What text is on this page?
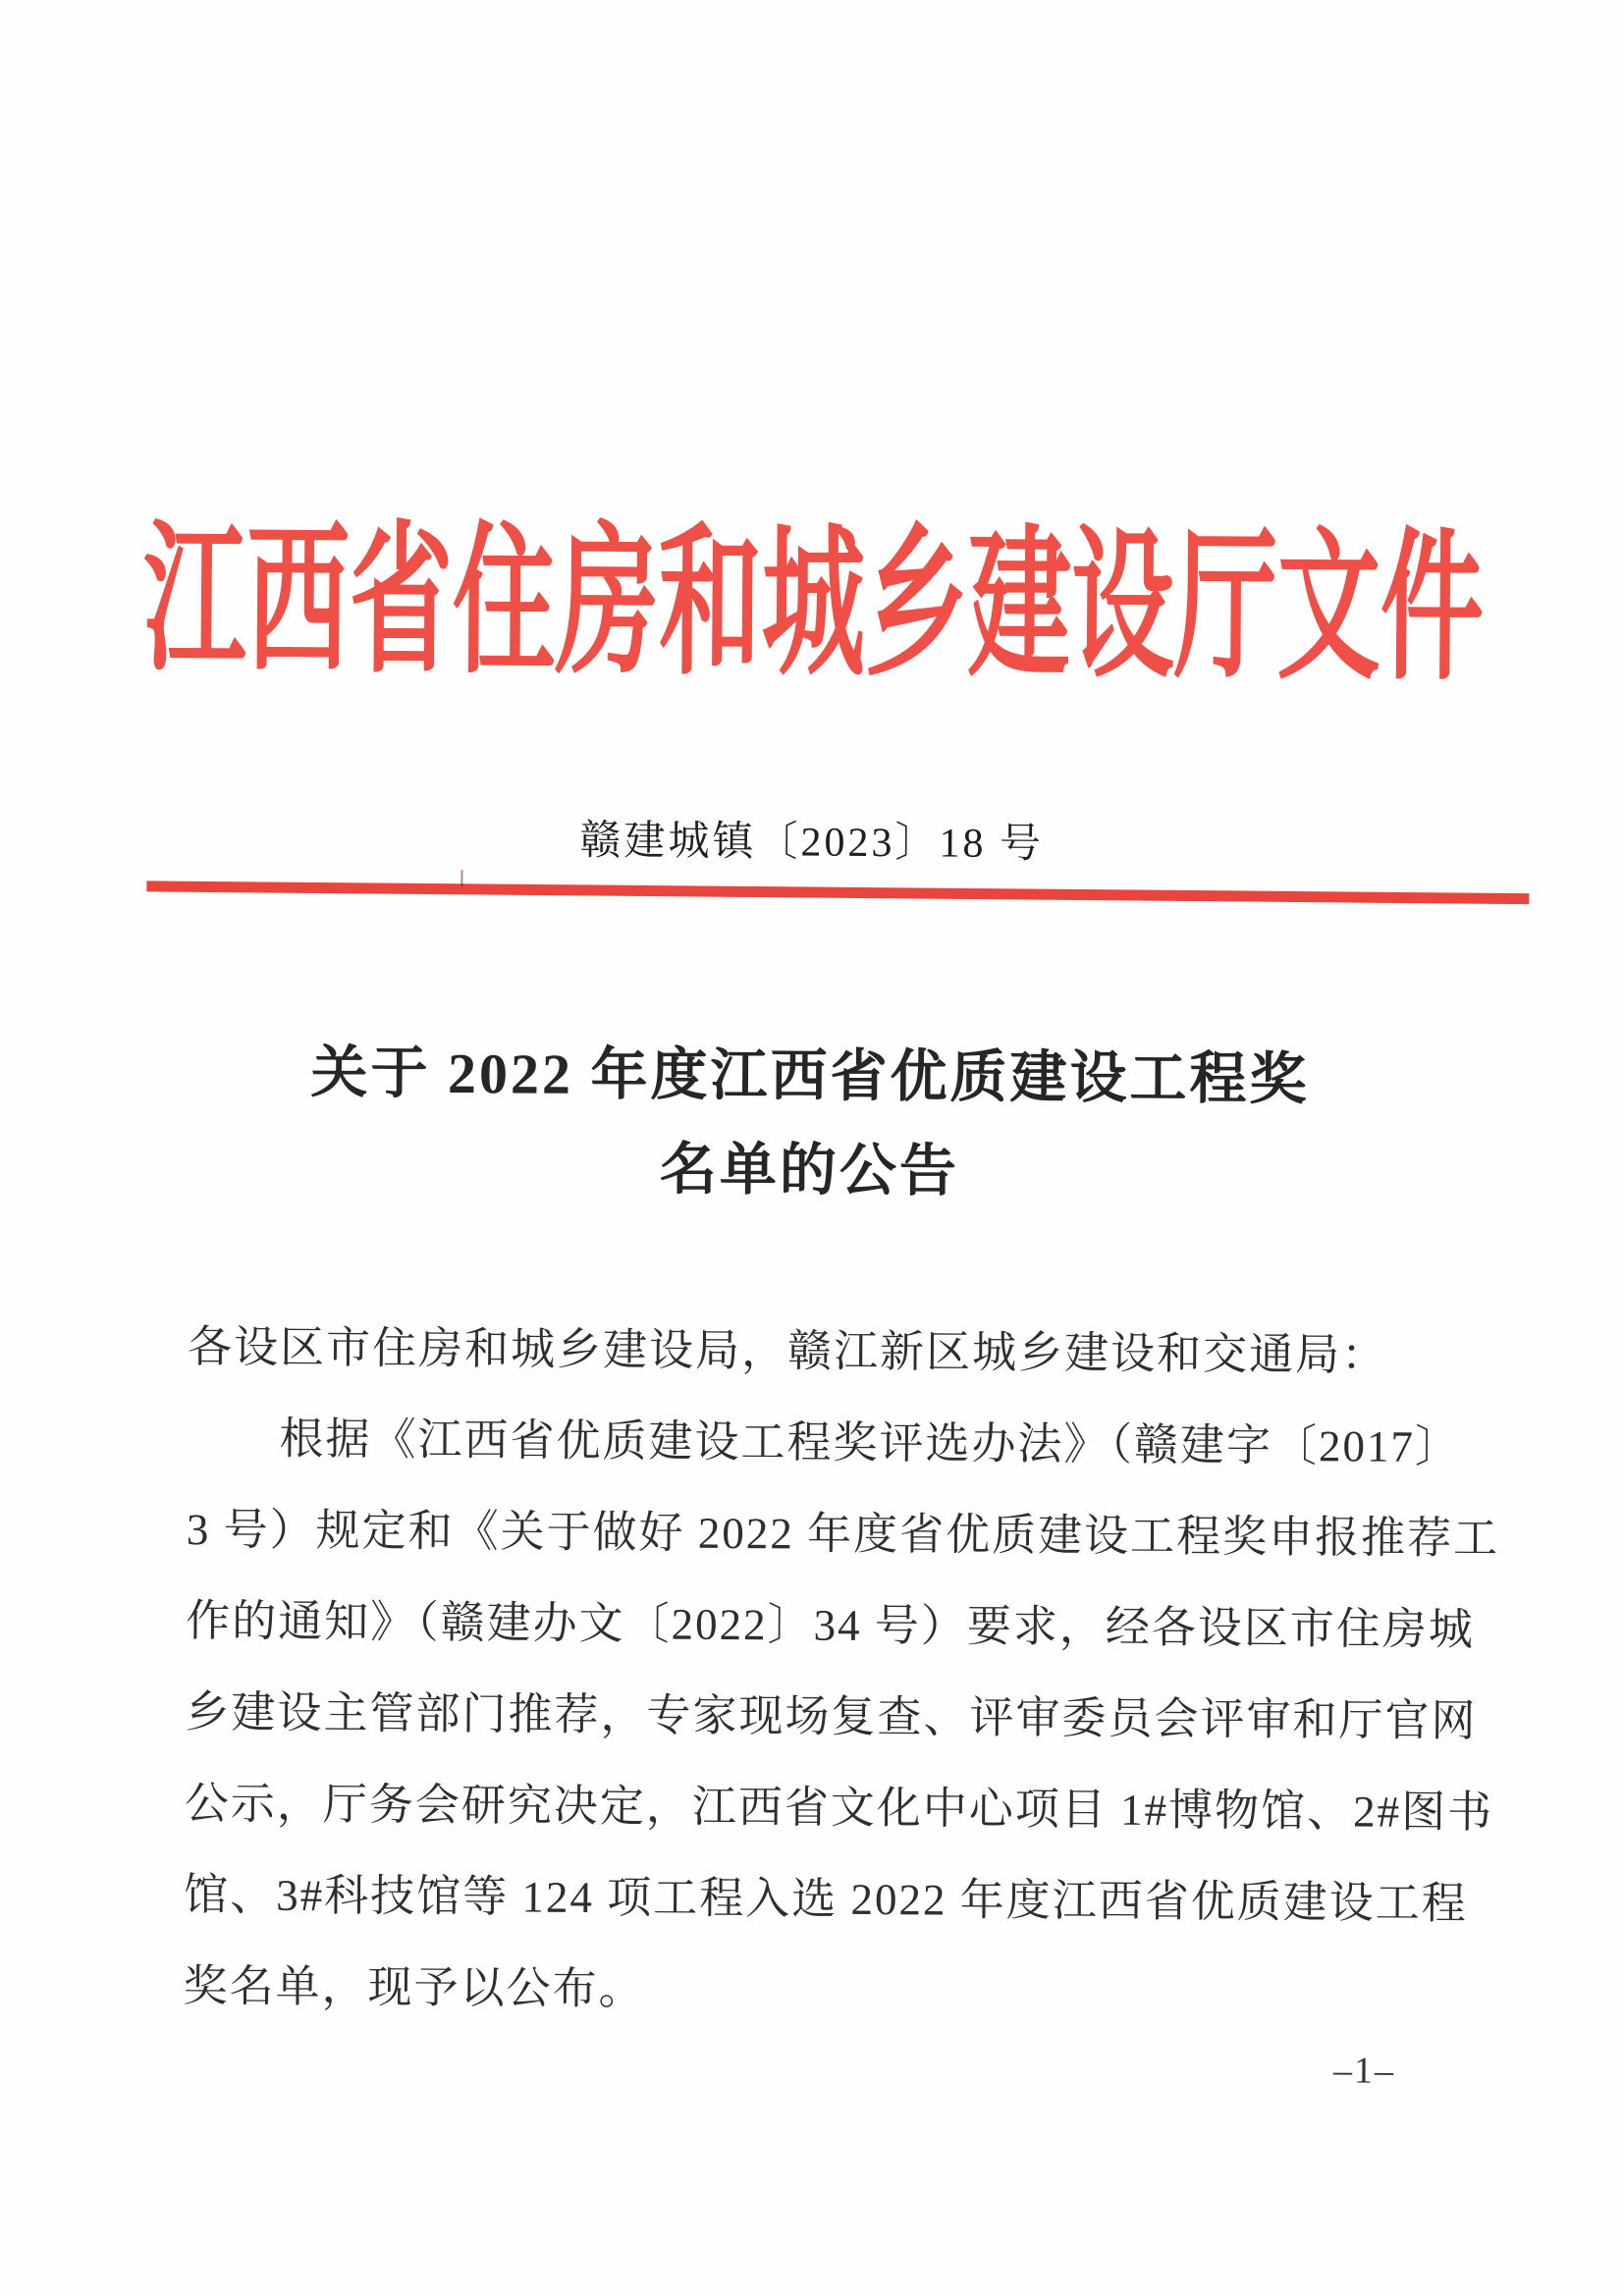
江西省住房和城乡建设厅文件
赣建城镇〔2023〕18 号
关于 2022 年度江西省优质建设工程奖
名单的公告
各设区市住房和城乡建设局，赣江新区城乡建设和交通局：
根据《江西省优质建设工程奖评选办法》（赣建字〔2017〕
3 号）规定和《关于做好 2022 年度省优质建设工程奖申报推荐工
作的通知》（赣建办文〔2022〕34 号）要求，经各设区市住房城
乡建设主管部门推荐，专家现场复查、评审委员会评审和厅官网
公示，厅务会研究决定，江西省文化中心项目 1#博物馆、2#图书
馆、3#科技馆等 124 项工程入选 2022 年度江西省优质建设工程
奖名单，现予以公布。
–1–
